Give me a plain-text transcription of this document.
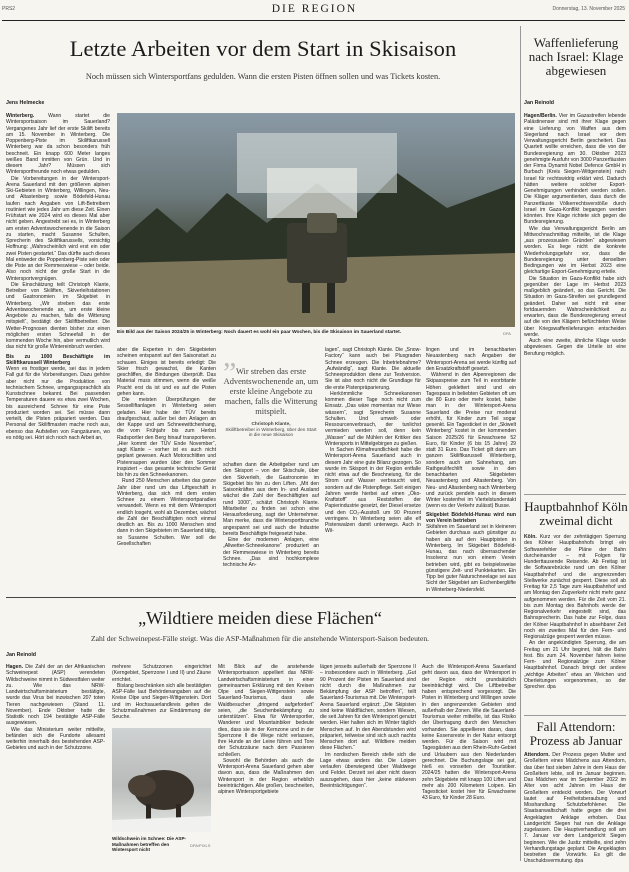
PRS2	DIE REGION	Donnerstag, 13. November 2025
Letzte Arbeiten vor dem Start in Skisaison
Noch müssen sich Wintersportfans gedulden. Wann die ersten Pisten öffnen sollen und was Tickets kosten.
Ein Bild aus der Saison 2024/25 in Winterberg: Noch dauert es wohl ein paar Wochen, bis die Skisaison im Sauerland startet.	DPA
Jens Helmecke

Winterberg. Wann startet die Wintersportsaison im Sauerland? Vergangenes Jahr lief der erste Skilift bereits am 15. November in Winterberg. Die Poppenberg-Piste im Skiliftkarussell Winterberg war da schon besonders früh beschneit. Ein knapp 600 Meter langes weißes Band inmitten von Grün. Und in diesem Jahr? Müssen sich Wintersportfreunde noch etwas gedulden.

Die Vorbereitungen in der Wintersport-Arena Sauerland mit den größeren alpinen Ski-Gebieten in Winterberg, Willingen, Neu- und Altastenberg sowie Bödefeld-Hunau laufen nach Angaben von Lift-Betreibern routiniert wie jedes Jahr um diese Zeit. Einen Frühstart wie 2024 wird es dieses Mal aber nicht geben. Angestrebt sei es, in Winterberg am ersten Adventswochenende in die Saison zu starten, macht Susanne Schulten, Sprecherin des Skiliftkarussells, vorsichtig Hoffnung: „Wahrscheinlich wird erst ein oder zwei Pisten gestartet.“ Das dürfte auch dieses Mal entweder die Poppenberg-Piste sein oder die Piste an der Remmeswiese – oder beide. Also noch nicht der große Start in die Wintersportvergnügen.

Die Einschätzung teilt Christoph Klante, Betreiber von Skiliften, Skiverleihstationen und Gastronomien im Skigebiet in Winterberg. „Wir streben das erste Adventswochenende an, um erste kleine Angebote zu machen, falls die Witterung mitspielt“, bestätigt der Skiliftbetreiber. Die Wetter-Prognosen dienten bisher zur einen möglichen ersten Schneefall in der kommenden Woche hin, aber vermutlich wird das nicht für große Wintereinbruch werden.

Bis zu 1000 Beschäftigte im Skiliftkarussell Winterberg

Wenn es frostiger werde, sei das in jedem Fall gut für die Vorbereitungen. Dazu gehöre aber nicht nur die Produktion von technischem Schnee, umgangssprachlich als Kunstschnee bekannt. Bei passenden Temperaturen dauere es etwa zwei Wochen, bis ausreichend Schnee für eine Piste produziert worden sei. Sei müsse dann verteilt, die Pisten präpariert werden. Das Personal der Skiliftmasten mache noch aus, ebenso das Aufstellen von Fangzäunen, wo es nötig sei. Hört sich noch nach Arbeit an,

aber die Experten in den Skigebieten scheinen entspannt auf den Saisonstart zu schauen. Einiges ist bereits erledigt: Die Skier frisch gewachst, die Kanten geschliffen, die Bindungen überprüft. Das Material muss stimmen, wenn die weiße Pracht erst da ist und es auf die Pisten gehen kann.

Die meisten Überprüfungen der Sesselliftanlagen in Winterberg seien geladen. Hier habe der TÜV bereits draufgeschaut, außer bei den Anlagen an der Kappe und am Schneewittchenhang, die vom Frühjahr bis zum Herbst Radsportler den Berg hinauf transportieren. „Hier kommt der TÜV Ende November“, sagt Klante – vorher ist es auch nicht geplant gewesen. Auch Motorschlitten und Pistenraupen wurden über den Sommer inspiziert – das gesamte technische Gerät bis hin zu den Schneekanonen.

Rund 250 Menschen arbeiten das ganze Jahr über rund um das Liftgeschäft in Winterberg, das sich mit dem ersten Schnee zu einem Wintersportparadies verwandelt. Wenn es mit dem Wintersport endlich losgeht, wohl ab Dezember, wächst die Zahl der Beschäftigten noch einmal deutlich an. Bis zu 1000 Menschen sind dann in den Skigebieten im Sauerland tätig, so Susanne Schulten. Wer soll die Gesellschaften

„ Wir streben das erste Adventswochenende an, um erste kleine Angebote zu machen, falls die Witterung mitspielt.
Christoph Klante,
Skiliftbetreiber in Winterberg, über den Start in die neue Skisaison

schaften dann die Arbeitgeber rund um den Skisport – von der Skischule, über den Skiverleih, die Gastronomie im Skigebiet bis hin zu den Liften. „Mit den Saisonkräften aus dem In- und Ausland wächst die Zahl der Beschäftigten auf rund 1000“, schätzt Christoph Klante. Mitarbeiter zu finden sei schon eine Herausforderung, sagt der Unternehmer. Man merke, dass die Wintersportbranche angespannt sei und auch die Industrie bereits Beschäftigte freigesetzt habe.

Eine der modernen Anlagen, eine „Allwetter-Schneekanone“ produziert an der Remmeswiese in Winterberg bereits Schnee. „Das sind hochkomplexe technische An-

lagen“, sagt Christoph Klante. Die „Snow-Factory“ kann auch bei Plusgraden Schnee erzeugen. Die Inbetriebnahme? „Aufwändig“, sagt Klante. Die aktuelle Schneeproduktion diene zur Testversion. Sie ist also noch nicht die Grundlage für die erste Pistenpräparierung.

Herkömmliche Schneekanonen kommen dieser Tage noch nicht zum Einsatz. „Das wäre momentan nur Wiese wässern“, sagt Sprecherin Susanne Schulten. Und umwelt- oder Ressourcenverbrauch, der tunlichst vermieden werden soll, denn kein „Wasser“ auf die Mühlen der Kritiker des Wintersports in Mittelgebirgen zu gießen.

In Sachen Klimafreundlichkeit habe die Wintersport-Arena Sauerland auch in diesem Jahr eine gute Bilanz gezogen. So wurde im Skisport in der Region entfalle nicht etwa auf die Beschneiung, für die Strom und Wasser verbraucht wird, sondern auf die Pistenpflege. Seit einigen Jahren werde hierbei auf einen „Öko-Kraftstoff“ aus Reststoffen der Papierindustrie gesetzt, der Diesel ersetze und den CO₂-Ausstoß um 90 Prozent verringere. In Winterberg seien alle elf Pistenwalzen damit unterwegs. Auch in Wil-

lingen und im benachbarten Neuastenberg nach Angaben der Wintersport-Arena sei werde künftig auf den Ersatzkraftstoff gesetzt.

Während in den Alpenregionen die Skipasspreise zum Teil in exorbitante Höhen geklettert sind und ein Tagespass in beliebten Gebieten oft um die 80 Euro oder mehr kostet, habe man in der Wintersport-Arena Sauerland die Preise nur moderat erhöht, für Kinder zum Teil sogar gesenkt. Ein Tagesticket in der „Skiwelt Winterberg“ kostet in der kommenden Saison 2025/26 für Erwachsene 52 Euro, für Kinder (6 bis 15 Jahre) 29 statt 31 Euro. Das Ticket gilt dann am ganzen Skiliftkarussell Winterberg, sondern auch am Sahnehang, am Rathgeulifechlift sowie in den benachbarten Skigebieten Neuastenberg und Altastenberg. Von Neu- und Altastenberg nach Winterberg und zurück pendeln auch in diesem Winter kostenfrei im Viertelstundentakt (wenn es der Verkehr zulässt) Busse.

Skigebiet Bödefeld-Hunau wird nun von Verein betrieben

Skifahren im Sauerland sei in kleineren Gebieten durchaus auch günstiger zu haben als auf den Hauptpisten in Winterberg. Im Skigebiet Bödefeld-Hunau, das nach überraschender Insolvenz nun von einem Verein betrieben wird, gibt es beispielsweise günstigere Zeit- und Punktekarten. Ein Tipp bei guter Naturschneelage sei aus Sicht der Skigebiet am Eschenbergliifte in Winterberg-Niedersfeld.

Waffenlieferung nach Israel: Klage abgewiesen
Jan Reinold

Hagen/Berlin. Vier im Gazastreifen lebende Palästinenser sind mit ihrer Klage gegen eine Lieferung von Waffen aus dem Siegerland nach Israel vor dem Verwaltungsgericht Berlin gescheitert. Das Quartett wollte erreichen, dass die von der Bundesregierung am 30. Oktober 2023 genehmigte Ausfuhr von 3000 Panzerfäusten der Firma Dynamit Nobel Defence GmbH in Burbach (Kreis Siegen-Wittgenstein) nach Israel für rechtswidrig erklärt wird. Dadurch hätten weitere solcher Export-Genehmigungen verhindert werden sollen. Die Kläger argumentierten, dass durch die Panzerfäuste Völkerrechtsverstöße durch Israel im Gaza-Konflikt begangen werden könnten. Ihre Klage richtete sich gegen die Bundesregierung.

Wie das Verwaltungsgericht Berlin am Mittwochnachmittag mitteilte, ist die Klage „aus prozessualen Gründen“ abgewiesen worden. Es liege nicht die konkrete Wiederholungsgefahr vor, dass die Bundesregierung unter denselben Bedingungen wie im Herbst 2023 eine gleichartige Export-Genehmigung erteile.

Die Situation im Gaza-Konflikt habe sich gegenüber der Lage im Herbst 2023 maßgeblich geändert, so das Gericht. Die Situation im Gaza-Streifen sei grundlegend geändert. Daher sei nicht mit einer fortdauernden Wahrscheinlichkeit zu erwarten, dass die Bundesregierung erneut auf die von den Klägern befürchteten Weise über Kriegswaffenlieferungen entscheiden werde.

Auch eine zweite, ähnliche Klage wurde abgewiesen. Gegen die Urteile ist eine Berufung möglich.

Hauptbahnhof Köln zweimal dicht

Köln. Kurz vor der zehntägigen Sperrung des Kölner Hauptbahnhofs bringt ein Softwarefehler die Pläne der Bahn durcheinander – mit Folgen für Hunderttausende Reisende. Ab Freitag ist die Softwarebrücke rund um den Kölner Hauptbahnhof und die angrenzenden Stellwerke zunächst gesperrt. Diese soll ab Freitag für 2,5 Tage zum Hauptbahnhof und am Montag den Zugverkehr nicht mehr ganz aufgenommen werden. Für die Zeit vom 21. bis zum Montag des Bahnhofs werde der Regionalverkehr eingestellt sind, das Bahnsprecherin. Das habe zur Folge, dass der Kölner Hauptbahnhof in absehbarer Zeit noch ein zweites Mal für den Fern- und Regionalzüge gesperrt werden müsse.

An der angekündigten Sperrung, die am Freitag um 21 Uhr beginnt, hält die Bahn fest. Bis zum 24. November fahren keine Fern- und Regionalzüge zum Kölner Hauptbahnhof. Danach bringt der andere „wichtige Arbeiten“ etwa an Weichen und Oberleitungen vorgenommen, so der Sprecher. dpa

Fall Attendorn: Prozess ab Januar

Attendorn. Der Prozess gegen Mutter und Großeltern eines Mädchens aus Attendorn, das über fast sieben Jahre in dem Haus der Großeltern lebte, soll im Januar beginnen. Das Mädchen war im September 2022 im Alter von acht Jahren im Haus der Großeltern entdeckt worden. Der Vorwurf lautet auf Freiheitsberaubung und Misshandlung Schutzbefohlener. Die Staatsanwaltschaft hatte gegen die drei Angeklagten Anklage erhoben. Das Landgericht Siegen hat nun die Anklage zugelassen. Die Hauptverhandlung soll am 7. Januar vor dem Landgericht Siegen beginnen. Wie die Justiz mitteilte, sind zehn Verhandlungstage geplant. Die Angeklagten bestreiten die Vorwürfe. Es gilt die Unschuldsvermutung. dpa

„Wildtiere meiden diese Flächen“
Zahl der Schweinepest-Fälle steigt. Was die ASP-Maßnahmen für die anstehende Wintersport-Saison bedeuten.
Jan Reinold

Hagen. Die Zahl der an der Afrikanischen Schweinepest (ASP) verendeten Wildschweine nimmt in Südwestfalen weiter zu. Wie das NRW-Landwirtschaftsministerium bestätigte, wurde das Virus bei inzwischen 207 toten Tieren nachgewiesen (Stand 11. November). Ende Oktober hatte die Statistik noch 194 bestätigte ASP-Fälle ausgewiesen.

Wie das Ministerium weiter mitteilte, befänden sich die Fundorte allesamt weiterhin innerhalb des bestehenden ASP-Gebietes und auch in der Schutzzone.

mehrere Schutzzonen eingerichtet (Kerngebiet, Sperrzone I und II) und Zäune errichtet.

Bislang beschränken sich alle bestätigten ASP-Fälle laut Behördenangaben auf die Kreise Olpe und Siegen-Wittgenstein. Dort und im Hochsauerlandkreis gelten die Schutzmaßnahmen zur Eindämmung der Seuche.

Wildschwein im Schnee: Die ASP-Maßnahmen betreffen den Wintersport nicht
DPA/PIXLS

Mit Blick auf die anstehende Wintersportsaison appelliert das NRW-Landwirtschaftsministerium in einer gemeinsamen Erklärung mit den Kreisen Olpe und Siegen-Wittgenstein sowie Sauerland-Tourismus, dass alle Waldbesucher „dringend aufgefordert“ seien, „die Seuchenbekämpfung zu unterstützen“. Etwa für Wintersportler, Wanderer und Mountainbiker bedeute dies, dass sie in der Kernzone und in der Sperrzone II die Wege nicht verlassen, ihre Hunde an der Leine führen und Tore der Schutzzäune nach dem Passieren schließen.

Sowohl die Behörden als auch die Wintersport-Arena Sauerland gehen aber davon aus, dass die Maßnahmen den Wintersport in der Region erheblich beeinträchtigen. Alle großen, beschneiten, alpinen Wintersportgebiete

lägen jenseits außerhalb der Sperrzone II – insbesondere auch in Winterberg. „Gut 90 Prozent der Pisten im Sauerland sind nicht durch die Maßnahmen zur Bekämpfung der ASP betroffen“, teilt Sauerland-Tourismus mit. Die Wintersport-Arena Sauerland ergänzt: „Die Skipisten sind keine Waldflächen, sondern Wiesen, die seit Jahren für den Wintersport genutzt werden. Hier halten sich im Winter täglich Menschen auf. In den Abendstunden wird präpariert, teilweise sind sich auch nachts Menschen dort auf. Wildtiere meiden diese Flächen.“

Im nordischen Bereich stelle sich die Lage etwas anders dar. Die Loipen verlaufen überwiegend über Waldwege und Felder. Derzeit sei aber nicht davon auszugehen, dass hier „keine stärkeren Beeinträchtigungen“.

Auch die Wintersport-Arena Sauerland geht davon aus, dass der Wintersport in der Region nicht grundsätzlich beeinträchtigt wird. Die Liftbetreiber haben entsprechend vorgesorgt. Die Pisten in Winterberg und Willingen sowie in den angrenzenden Gebieten sind außerhalb der Zonen. Wie die Sauerland-Tourismus weiter mitteilte, ist das Risiko der Übertragung durch den Menschen vorhanden. Sie appellieren daran, dass keine Essensreste in der Natur entsorgt werden. Für die Saison wird mit Tagesgästen aus dem Rhein-Ruhr-Gebiet und Urlaubern aus den Niederlanden gerechnet. Die Buchungslage sei gut, hieß es vonseiten der Touristiker. 2024/25 hatten die Wintersport-Arena zehn Skigebiete mit knapp 100 Liften und mehr als 200 Kilometern Loipen. Ein Tagesticket kostet hier für Erwachsene 43 Euro, für Kinder 28 Euro.
